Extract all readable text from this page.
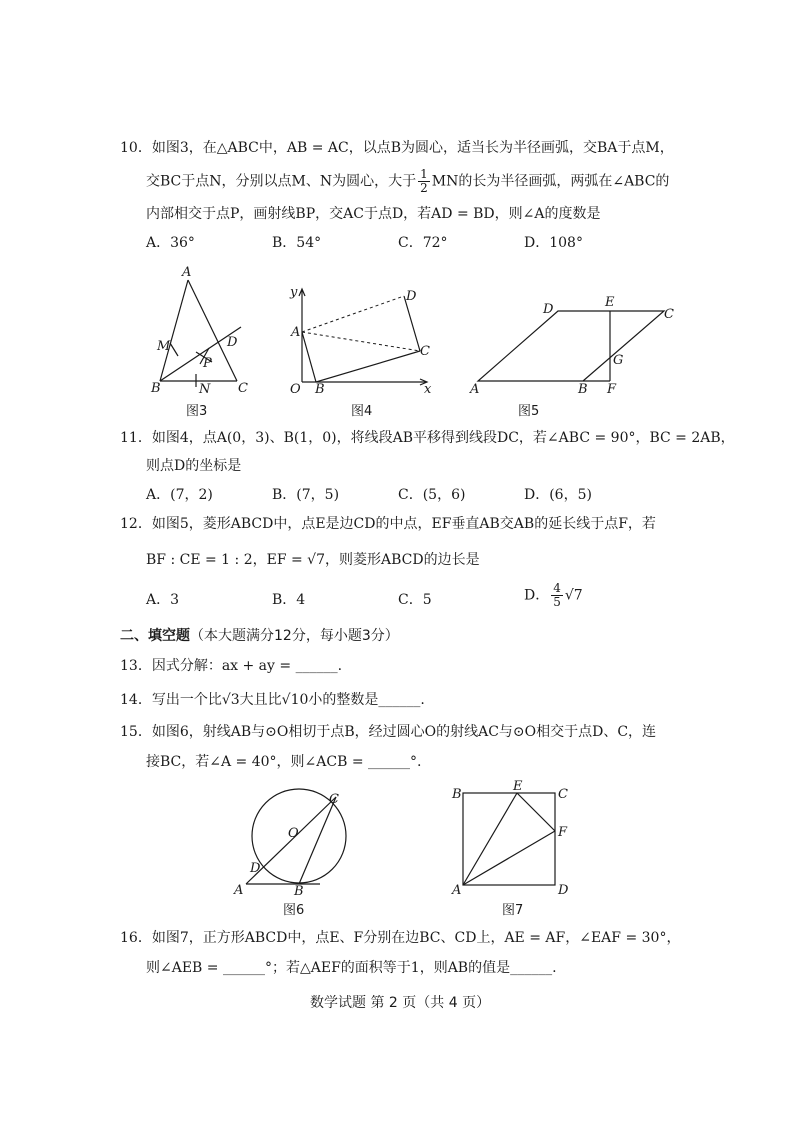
10．如图3，在△ABC中，AB = AC，以点B为圆心，适当长为半径画弧，交BA于点M，
交BC于点N，分别以点M、N为圆心，大于 $\frac{1}{2}$ MN的长为半径画弧，两弧在∠ABC的
内部相交于点P，画射线BP，交AC于点D，若AD = BD，则∠A的度数是
A．36°	B．54°	C．72°	D．108°
A
M
P
D
B	N C
图3
y	D
A
C
O B	x
图4
D	E
C
G
A	B F
图5
11．如图4，点A(0，3)、B(1，0)，将线段AB平移得到线段DC，若∠ABC = 90°，BC = 2AB，
则点D的坐标是
A．(7，2)	B．(7，5)	C．(5，6)	D．(6，5)
12．如图5，菱形ABCD中，点E是边CD的中点，EF垂直AB交AB的延长线于点F，若
BF : CE = 1 : 2，EF = √7，则菱形ABCD的边长是
A．3	B．4	C．5	D． $\frac{4}{5} √7$
二、填空题（本大题满分12分，每小题3分）
13．因式分解：ax + ay = ______.
14．写出一个比√3大且比√10小的整数是______.
15．如图6，射线AB与⊙O相切于点B，经过圆心O的射线AC与⊙O相交于点D、C，连
接BC，若∠A = 40°，则∠ACB = ______°.
C
O
D
A	B
图6
B
E
C
F
A	D
图7
16．如图7，正方形ABCD中，点E、F分别在边BC、CD上，AE = AF，∠EAF = 30°，
则∠AEB = ______°；若△AEF的面积等于1，则AB的值是______.
数学试题 第 2 页（共 4 页）
